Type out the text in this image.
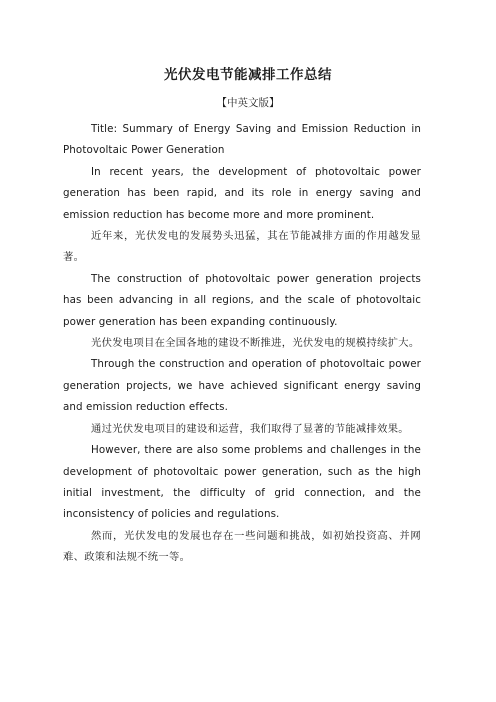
光伏发电节能减排工作总结
【中英文版】

Title: Summary of Energy Saving and Emission Reduction in Photovoltaic Power Generation

In recent years, the development of photovoltaic power generation has been rapid, and its role in energy saving and emission reduction has become more and more prominent.

近年来，光伏发电的发展势头迅猛，其在节能减排方面的作用越发显著。

The construction of photovoltaic power generation projects has been advancing in all regions, and the scale of photovoltaic power generation has been expanding continuously.

光伏发电项目在全国各地的建设不断推进，光伏发电的规模持续扩大。

Through the construction and operation of photovoltaic power generation projects, we have achieved significant energy saving and emission reduction effects.

通过光伏发电项目的建设和运营，我们取得了显著的节能减排效果。

However, there are also some problems and challenges in the development of photovoltaic power generation, such as the high initial investment, the difficulty of grid connection, and the inconsistency of policies and regulations.

然而，光伏发电的发展也存在一些问题和挑战，如初始投资高、并网难、政策和法规不统一等。
